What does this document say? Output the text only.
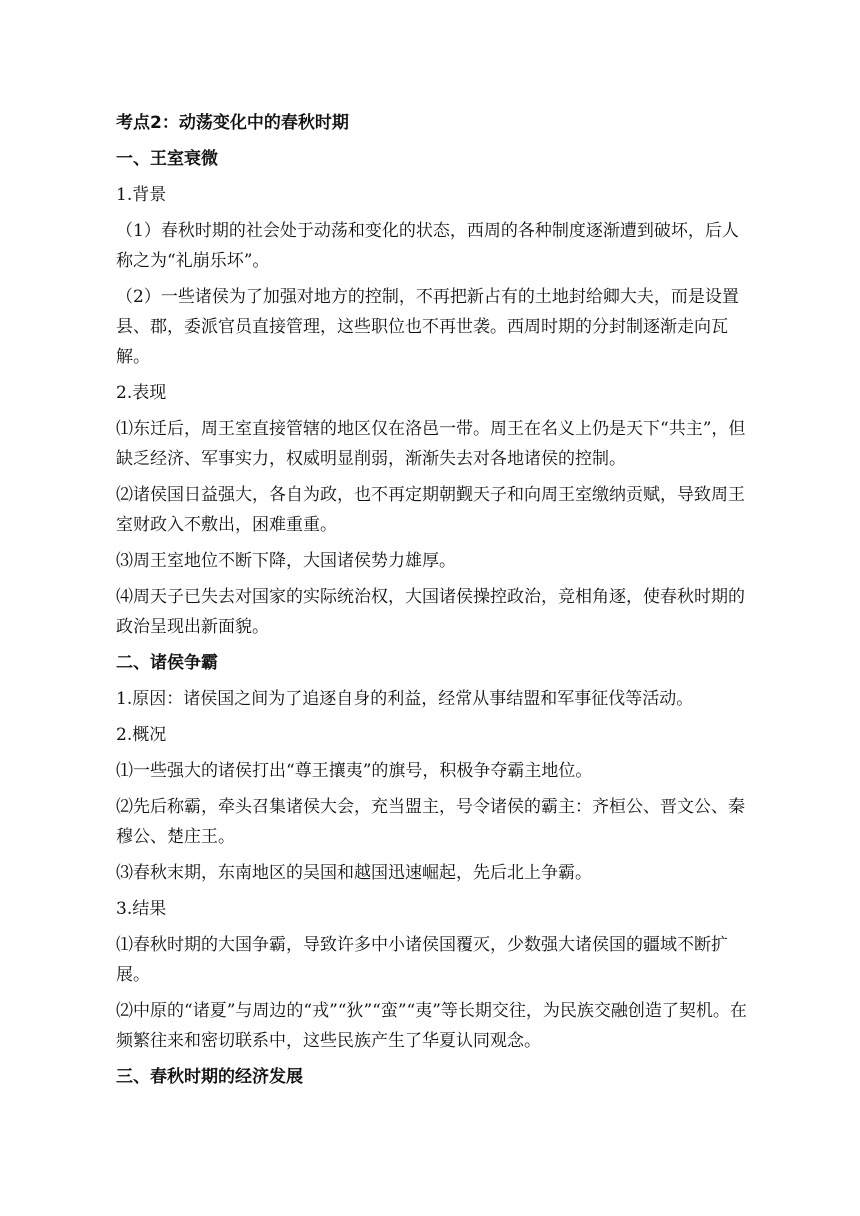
考点2：动荡变化中的春秋时期

一、王室衰微

1.背景

（1）春秋时期的社会处于动荡和变化的状态，西周的各种制度逐渐遭到破坏，后人称之为“礼崩乐坏”。

（2）一些诸侯为了加强对地方的控制，不再把新占有的土地封给卿大夫，而是设置县、郡，委派官员直接管理，这些职位也不再世袭。西周时期的分封制逐渐走向瓦解。

2.表现

⑴东迁后，周王室直接管辖的地区仅在洛邑一带。周王在名义上仍是天下“共主”，但缺乏经济、军事实力，权威明显削弱，渐渐失去对各地诸侯的控制。

⑵诸侯国日益强大，各自为政，也不再定期朝觐天子和向周王室缴纳贡赋，导致周王室财政入不敷出，困难重重。

⑶周王室地位不断下降，大国诸侯势力雄厚。

⑷周天子已失去对国家的实际统治权，大国诸侯操控政治，竞相角逐，使春秋时期的政治呈现出新面貌。

二、诸侯争霸

1.原因：诸侯国之间为了追逐自身的利益，经常从事结盟和军事征伐等活动。

2.概况

⑴一些强大的诸侯打出“尊王攘夷”的旗号，积极争夺霸主地位。

⑵先后称霸，牵头召集诸侯大会，充当盟主，号令诸侯的霸主：齐桓公、晋文公、秦穆公、楚庄王。

⑶春秋末期，东南地区的吴国和越国迅速崛起，先后北上争霸。

3.结果

⑴春秋时期的大国争霸，导致许多中小诸侯国覆灭，少数强大诸侯国的疆域不断扩展。

⑵中原的“诸夏”与周边的“戎”“狄”“蛮”“夷”等长期交往，为民族交融创造了契机。在频繁往来和密切联系中，这些民族产生了华夏认同观念。

三、春秋时期的经济发展
